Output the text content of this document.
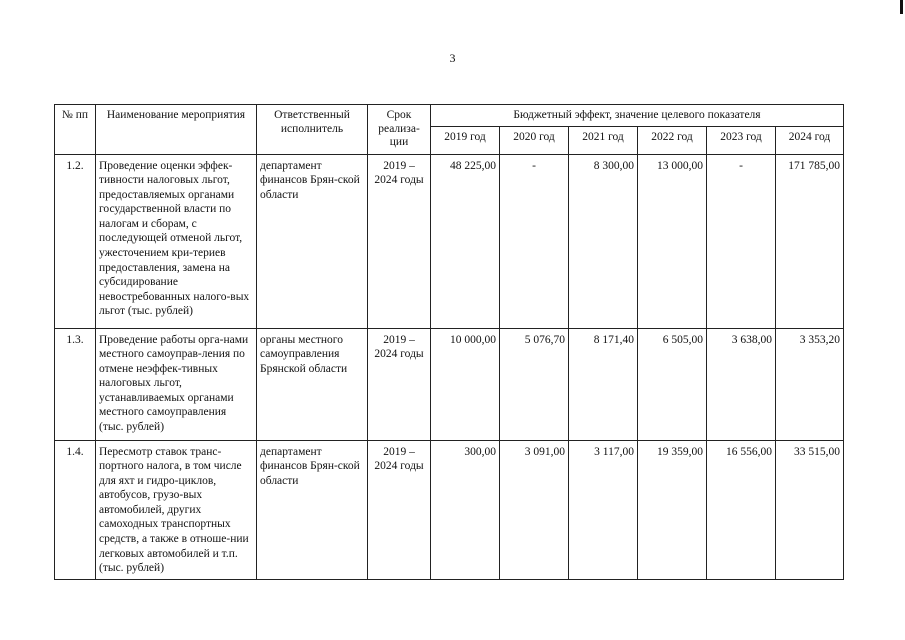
3
№ пп	Наименование мероприятия	Ответственный исполнитель	Срок реализа-ции	Бюджетный эффект, значение целевого показателя					
				2019 год	2020 год	2021 год	2022 год	2023 год	2024 год
1.2.	Проведение оценки эффек-тивности налоговых льгот, предоставляемых органами государственной власти по налогам и сборам, с последующей отменой льгот, ужесточением кри-териев предоставления, замена на субсидирование невостребованных налого-вых льгот (тыс. рублей)	департамент финансов Брян-ской области	2019 – 2024 годы	48 225,00	-	8 300,00	13 000,00	-	171 785,00
1.3.	Проведение работы орга-нами местного самоуправ-ления по отмене неэффек-тивных налоговых льгот, устанавливаемых органами местного самоуправления (тыс. рублей)	органы местного самоуправления Брянской области	2019 – 2024 годы	10 000,00	5 076,70	8 171,40	6 505,00	3 638,00	3 353,20
1.4.	Пересмотр ставок транс-портного налога, в том числе для яхт и гидро-циклов, автобусов, грузо-вых автомобилей, других самоходных транспортных средств, а также в отноше-нии легковых автомобилей и т.п. (тыс. рублей)	департамент финансов Брян-ской области	2019 – 2024 годы	300,00	3 091,00	3 117,00	19 359,00	16 556,00	33 515,00
